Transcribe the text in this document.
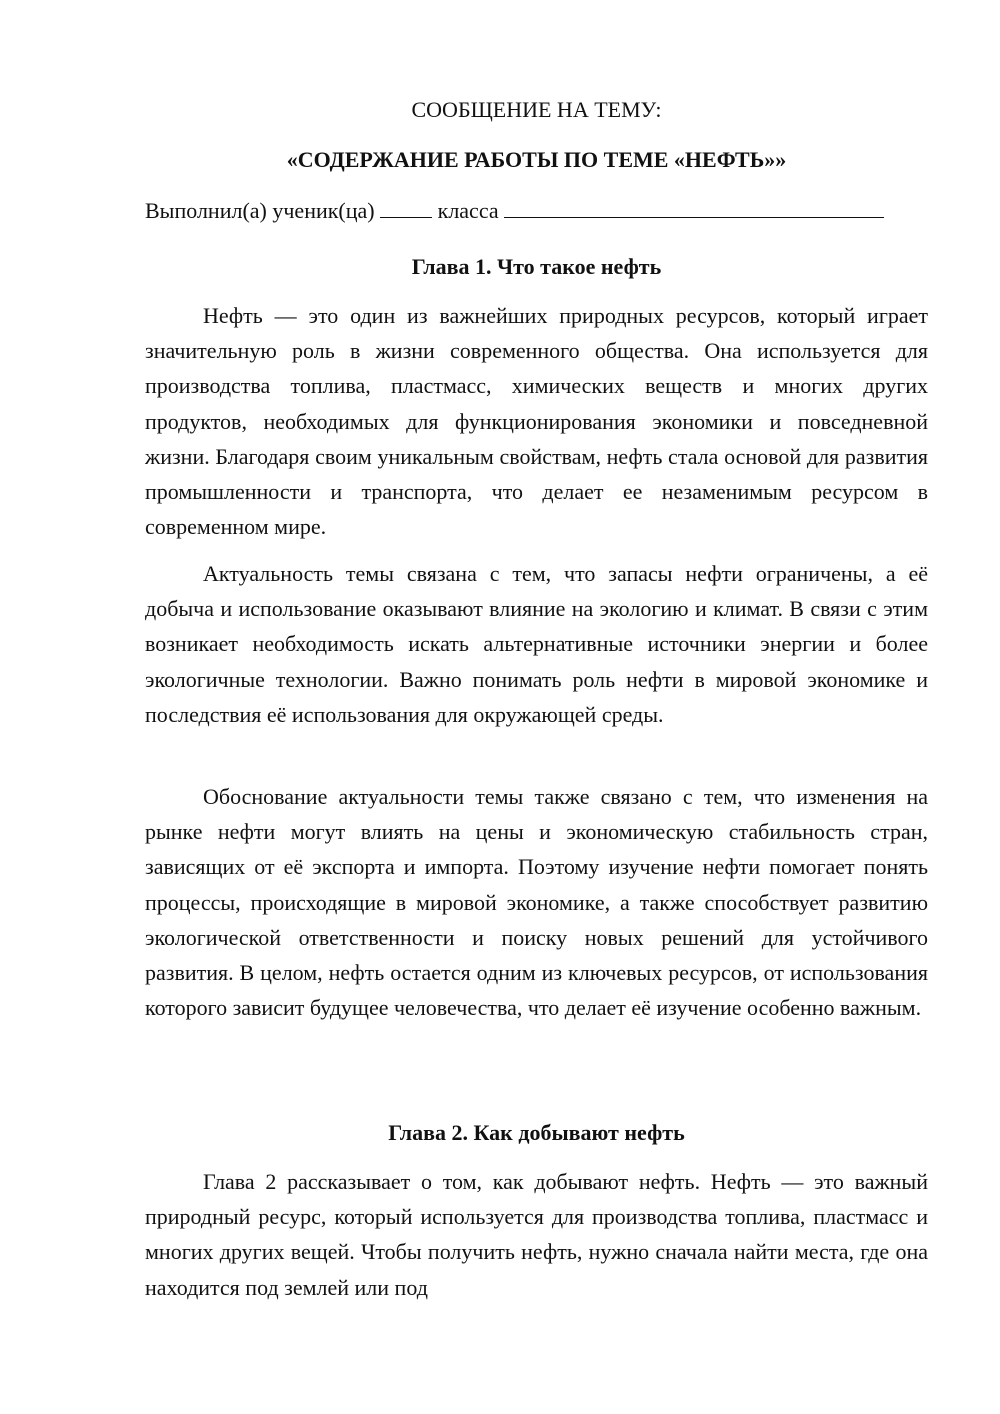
СООБЩЕНИЕ НА ТЕМУ:
«СОДЕРЖАНИЕ РАБОТЫ ПО ТЕМЕ «НЕФТЬ»»
Выполнил(а) ученик(ца)	класса
Глава 1. Что такое нефть

Нефть — это один из важнейших природных ресурсов, который играет значительную роль в жизни современного общества. Она используется для производства топлива, пластмасс, химических веществ и многих других продуктов, необходимых для функционирования экономики и повседневной жизни. Благодаря своим уникальным свойствам, нефть стала основой для развития промышленности и транспорта, что делает ее незаменимым ресурсом в современном мире.

Актуальность темы связана с тем, что запасы нефти ограничены, а её добыча и использование оказывают влияние на экологию и климат. В связи с этим возникает необходимость искать альтернативные источники энергии и более экологичные технологии. Важно понимать роль нефти в мировой экономике и последствия её использования для окружающей среды.

Обоснование актуальности темы также связано с тем, что изменения на рынке нефти могут влиять на цены и экономическую стабильность стран, зависящих от её экспорта и импорта. Поэтому изучение нефти помогает понять процессы, происходящие в мировой экономике, а также способствует развитию экологической ответственности и поиску новых решений для устойчивого развития. В целом, нефть остается одним из ключевых ресурсов, от использования которого зависит будущее человечества, что делает её изучение особенно важным.

Глава 2. Как добывают нефть

Глава 2 рассказывает о том, как добывают нефть. Нефть — это важный природный ресурс, который используется для производства топлива, пластмасс и многих других вещей. Чтобы получить нефть, нужно сначала найти места, где она находится под землей или под
